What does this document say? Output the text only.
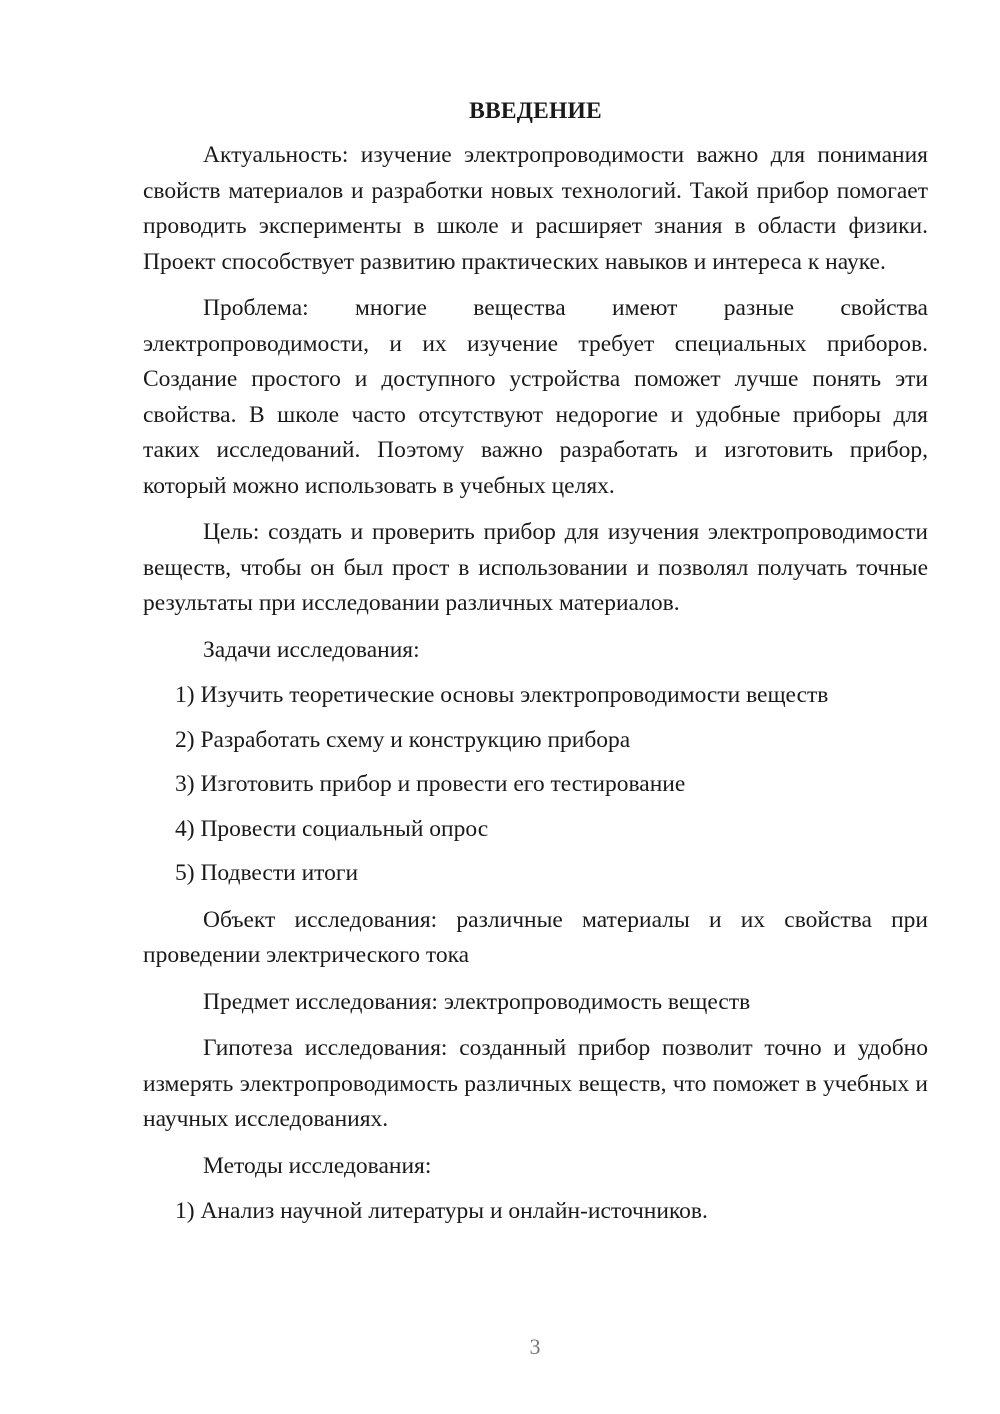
ВВЕДЕНИЕ

Актуальность: изучение электропроводимости важно для понимания свойств материалов и разработки новых технологий. Такой прибор помогает проводить эксперименты в школе и расширяет знания в области физики. Проект способствует развитию практических навыков и интереса к науке.

Проблема: многие вещества имеют разные свойства электропроводимости, и их изучение требует специальных приборов. Создание простого и доступного устройства поможет лучше понять эти свойства. В школе часто отсутствуют недорогие и удобные приборы для таких исследований. Поэтому важно разработать и изготовить прибор, который можно использовать в учебных целях.

Цель: создать и проверить прибор для изучения электропроводимости веществ, чтобы он был прост в использовании и позволял получать точные результаты при исследовании различных материалов.

Задачи исследования:

1) Изучить теоретические основы электропроводимости веществ

2) Разработать схему и конструкцию прибора

3) Изготовить прибор и провести его тестирование

4) Провести социальный опрос

5) Подвести итоги

Объект исследования: различные материалы и их свойства при проведении электрического тока

Предмет исследования: электропроводимость веществ

Гипотеза исследования: созданный прибор позволит точно и удобно измерять электропроводимость различных веществ, что поможет в учебных и научных исследованиях.

Методы исследования:

1) Анализ научной литературы и онлайн-источников.

3
